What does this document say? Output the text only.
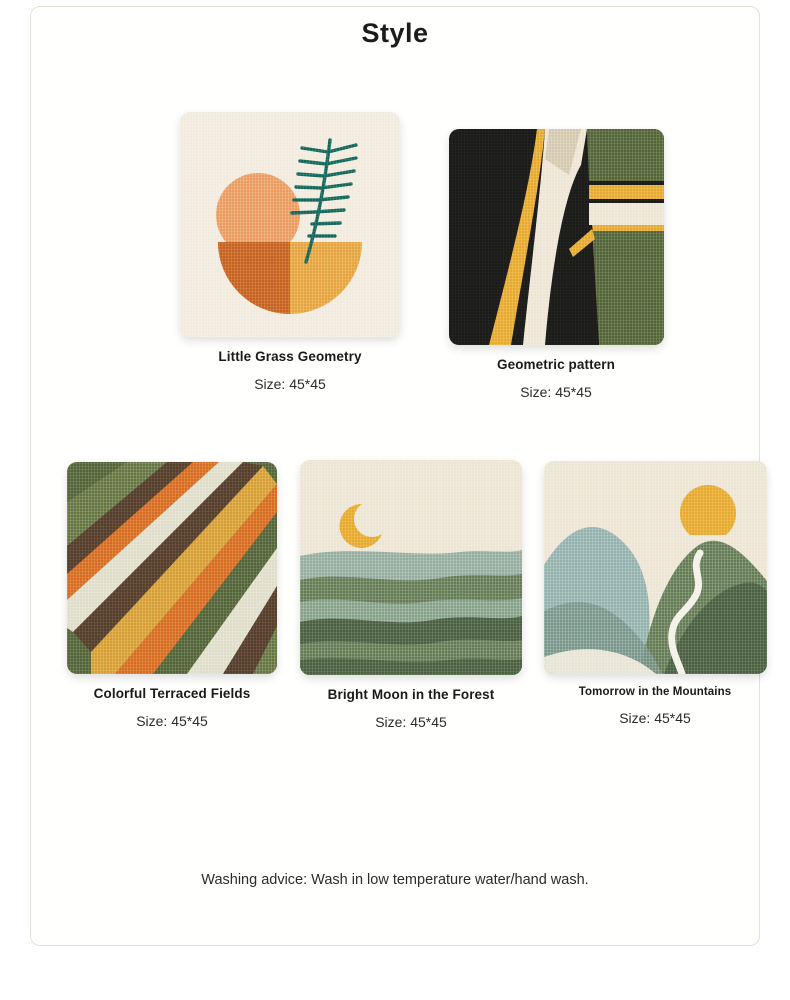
Style
Little Grass Geometry
Size: 45*45
Geometric pattern
Size: 45*45
Colorful Terraced Fields
Size: 45*45
Bright Moon in the Forest
Size: 45*45
Tomorrow in the Mountains
Size: 45*45
Washing advice: Wash in low temperature water/hand wash.
